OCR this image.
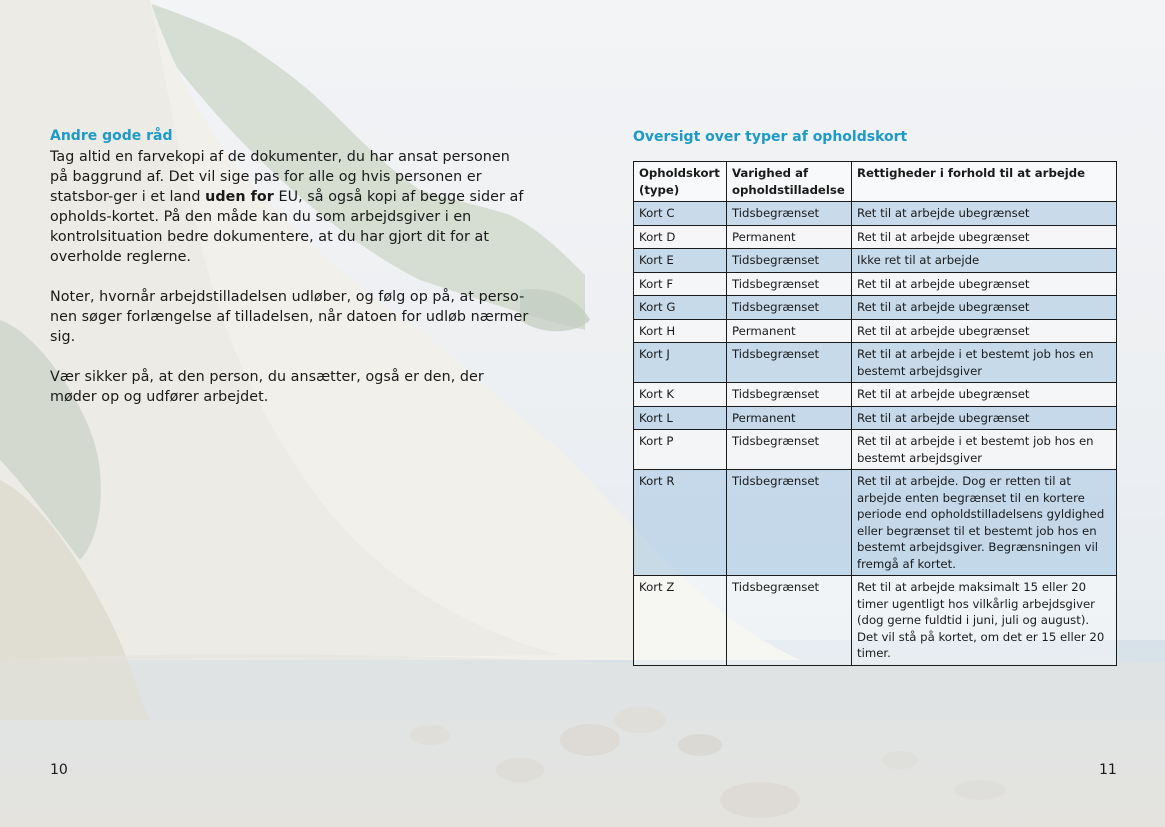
Andre gode råd

Tag altid en farvekopi af de dokumenter, du har ansat personen på baggrund af. Det vil sige pas for alle og hvis personen er statsbor-ger i et land uden for EU, så også kopi af begge sider af opholds-kortet. På den måde kan du som arbejdsgiver i en kontrolsituation bedre dokumentere, at du har gjort dit for at overholde reglerne.

Noter, hvornår arbejdstilladelsen udløber, og følg op på, at perso-nen søger forlængelse af tilladelsen, når datoen for udløb nærmer sig.

Vær sikker på, at den person, du ansætter, også er den, der møder op og udfører arbejdet.

Oversigt over typer af opholdskort
Opholdskort (type)	Varighed af opholdstilladelse	Rettigheder i forhold til at arbejde
Kort C	Tidsbegrænset	Ret til at arbejde ubegrænset
Kort D	Permanent	Ret til at arbejde ubegrænset
Kort E	Tidsbegrænset	Ikke ret til at arbejde
Kort F	Tidsbegrænset	Ret til at arbejde ubegrænset
Kort G	Tidsbegrænset	Ret til at arbejde ubegrænset
Kort H	Permanent	Ret til at arbejde ubegrænset
Kort J	Tidsbegrænset	Ret til at arbejde i et bestemt job hos en bestemt arbejdsgiver
Kort K	Tidsbegrænset	Ret til at arbejde ubegrænset
Kort L	Permanent	Ret til at arbejde ubegrænset
Kort P	Tidsbegrænset	Ret til at arbejde i et bestemt job hos en bestemt arbejdsgiver
Kort R	Tidsbegrænset	Ret til at arbejde. Dog er retten til at arbejde enten begrænset til en kortere periode end opholdstilladelsens gyldighed eller begrænset til et bestemt job hos en bestemt arbejdsgiver. Begrænsningen vil fremgå af kortet.
Kort Z	Tidsbegrænset	Ret til at arbejde maksimalt 15 eller 20 timer ugentligt hos vilkårlig arbejdsgiver (dog gerne fuldtid i juni, juli og august). Det vil stå på kortet, om det er 15 eller 20 timer.
10	11
